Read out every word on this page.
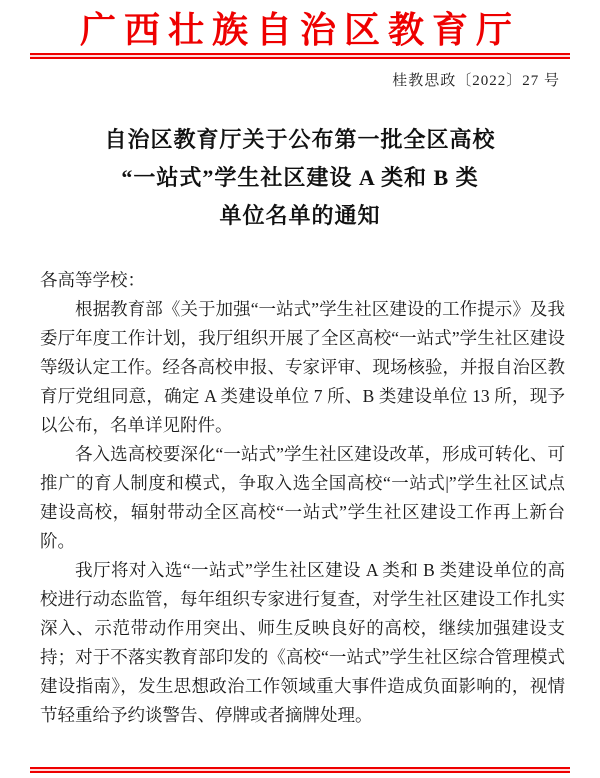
广西壮族自治区教育厅
桂教思政〔2022〕27 号
自治区教育厅关于公布第一批全区高校
“一站式”学生社区建设 A 类和 B 类
单位名单的通知

各高等学校：

根据教育部《关于加强“一站式”学生社区建设的工作提示》及我委厅年度工作计划，我厅组织开展了全区高校“一站式”学生社区建设等级认定工作。经各高校申报、专家评审、现场核验，并报自治区教育厅党组同意，确定 A 类建设单位 7 所、B 类建设单位 13 所，现予以公布，名单详见附件。

各入选高校要深化“一站式”学生社区建设改革，形成可转化、可推广的育人制度和模式，争取入选全国高校“一站式|”学生社区试点建设高校，辐射带动全区高校“一站式”学生社区建设工作再上新台阶。

我厅将对入选“一站式”学生社区建设 A 类和 B 类建设单位的高校进行动态监管，每年组织专家进行复查，对学生社区建设工作扎实深入、示范带动作用突出、师生反映良好的高校，继续加强建设支持；对于不落实教育部印发的《高校“一站式”学生社区综合管理模式建设指南》，发生思想政治工作领域重大事件造成负面影响的，视情节轻重给予约谈警告、停牌或者摘牌处理。
